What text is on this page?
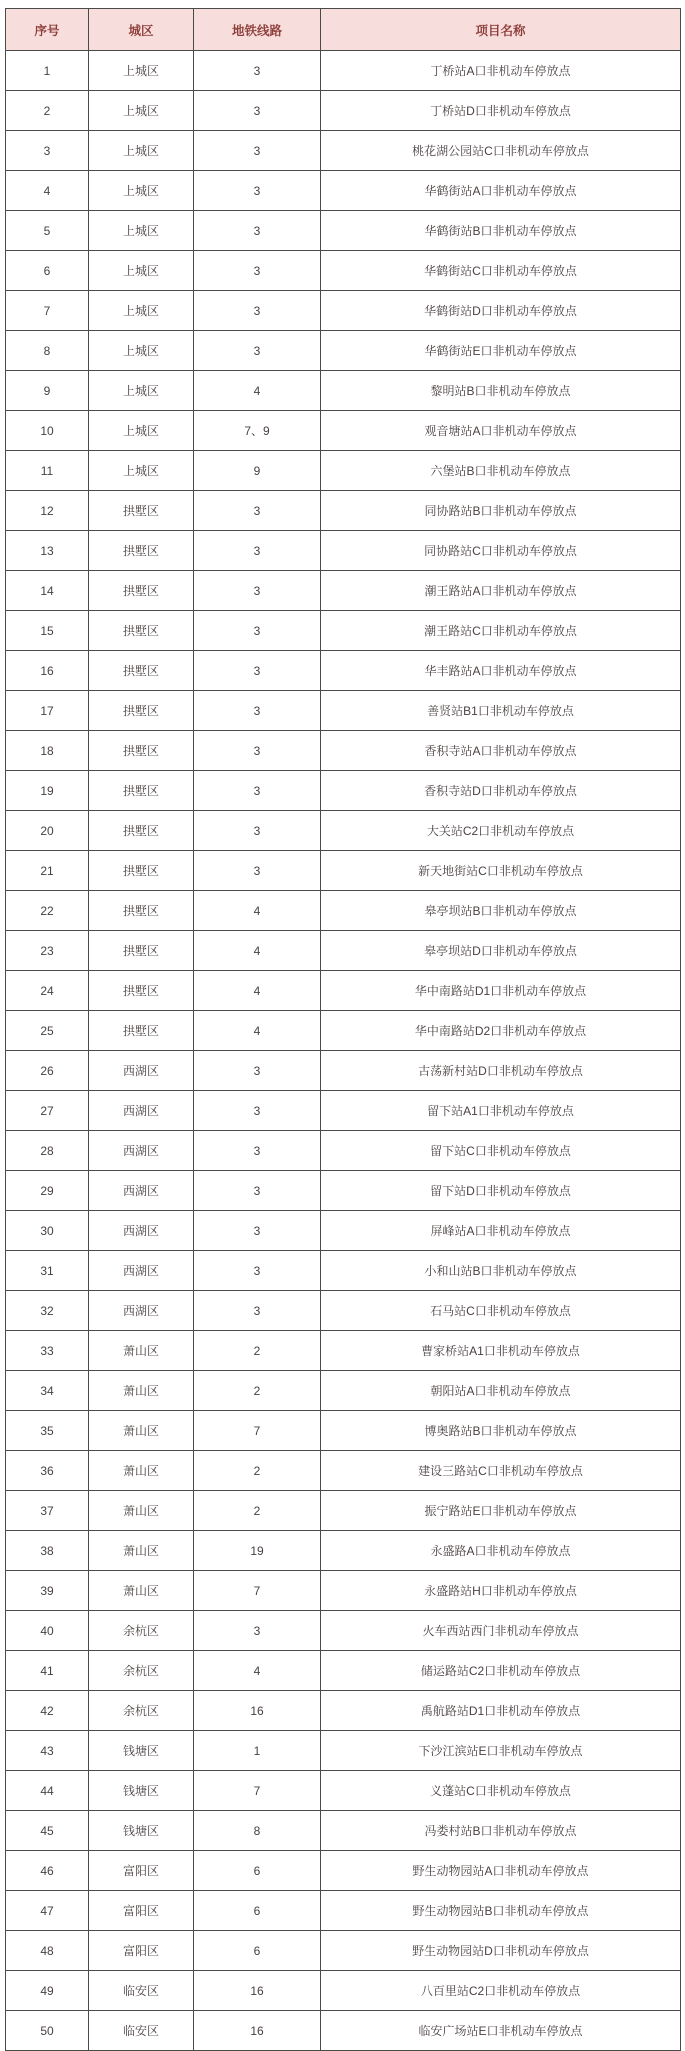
序号	城区	地铁线路	项目名称
1	上城区	3	丁桥站A口非机动车停放点
2	上城区	3	丁桥站D口非机动车停放点
3	上城区	3	桃花湖公园站C口非机动车停放点
4	上城区	3	华鹤街站A口非机动车停放点
5	上城区	3	华鹤街站B口非机动车停放点
6	上城区	3	华鹤街站C口非机动车停放点
7	上城区	3	华鹤街站D口非机动车停放点
8	上城区	3	华鹤街站E口非机动车停放点
9	上城区	4	黎明站B口非机动车停放点
10	上城区	7、9	观音塘站A口非机动车停放点
11	上城区	9	六堡站B口非机动车停放点
12	拱墅区	3	同协路站B口非机动车停放点
13	拱墅区	3	同协路站C口非机动车停放点
14	拱墅区	3	潮王路站A口非机动车停放点
15	拱墅区	3	潮王路站C口非机动车停放点
16	拱墅区	3	华丰路站A口非机动车停放点
17	拱墅区	3	善贤站B1口非机动车停放点
18	拱墅区	3	香积寺站A口非机动车停放点
19	拱墅区	3	香积寺站D口非机动车停放点
20	拱墅区	3	大关站C2口非机动车停放点
21	拱墅区	3	新天地街站C口非机动车停放点
22	拱墅区	4	皋亭坝站B口非机动车停放点
23	拱墅区	4	皋亭坝站D口非机动车停放点
24	拱墅区	4	华中南路站D1口非机动车停放点
25	拱墅区	4	华中南路站D2口非机动车停放点
26	西湖区	3	古荡新村站D口非机动车停放点
27	西湖区	3	留下站A1口非机动车停放点
28	西湖区	3	留下站C口非机动车停放点
29	西湖区	3	留下站D口非机动车停放点
30	西湖区	3	屏峰站A口非机动车停放点
31	西湖区	3	小和山站B口非机动车停放点
32	西湖区	3	石马站C口非机动车停放点
33	萧山区	2	曹家桥站A1口非机动车停放点
34	萧山区	2	朝阳站A口非机动车停放点
35	萧山区	7	博奥路站B口非机动车停放点
36	萧山区	2	建设三路站C口非机动车停放点
37	萧山区	2	振宁路站E口非机动车停放点
38	萧山区	19	永盛路A口非机动车停放点
39	萧山区	7	永盛路站H口非机动车停放点
40	余杭区	3	火车西站西门非机动车停放点
41	余杭区	4	储运路站C2口非机动车停放点
42	余杭区	16	禹航路站D1口非机动车停放点
43	钱塘区	1	下沙江滨站E口非机动车停放点
44	钱塘区	7	义蓬站C口非机动车停放点
45	钱塘区	8	冯娄村站B口非机动车停放点
46	富阳区	6	野生动物园站A口非机动车停放点
47	富阳区	6	野生动物园站B口非机动车停放点
48	富阳区	6	野生动物园站D口非机动车停放点
49	临安区	16	八百里站C2口非机动车停放点
50	临安区	16	临安广场站E口非机动车停放点
